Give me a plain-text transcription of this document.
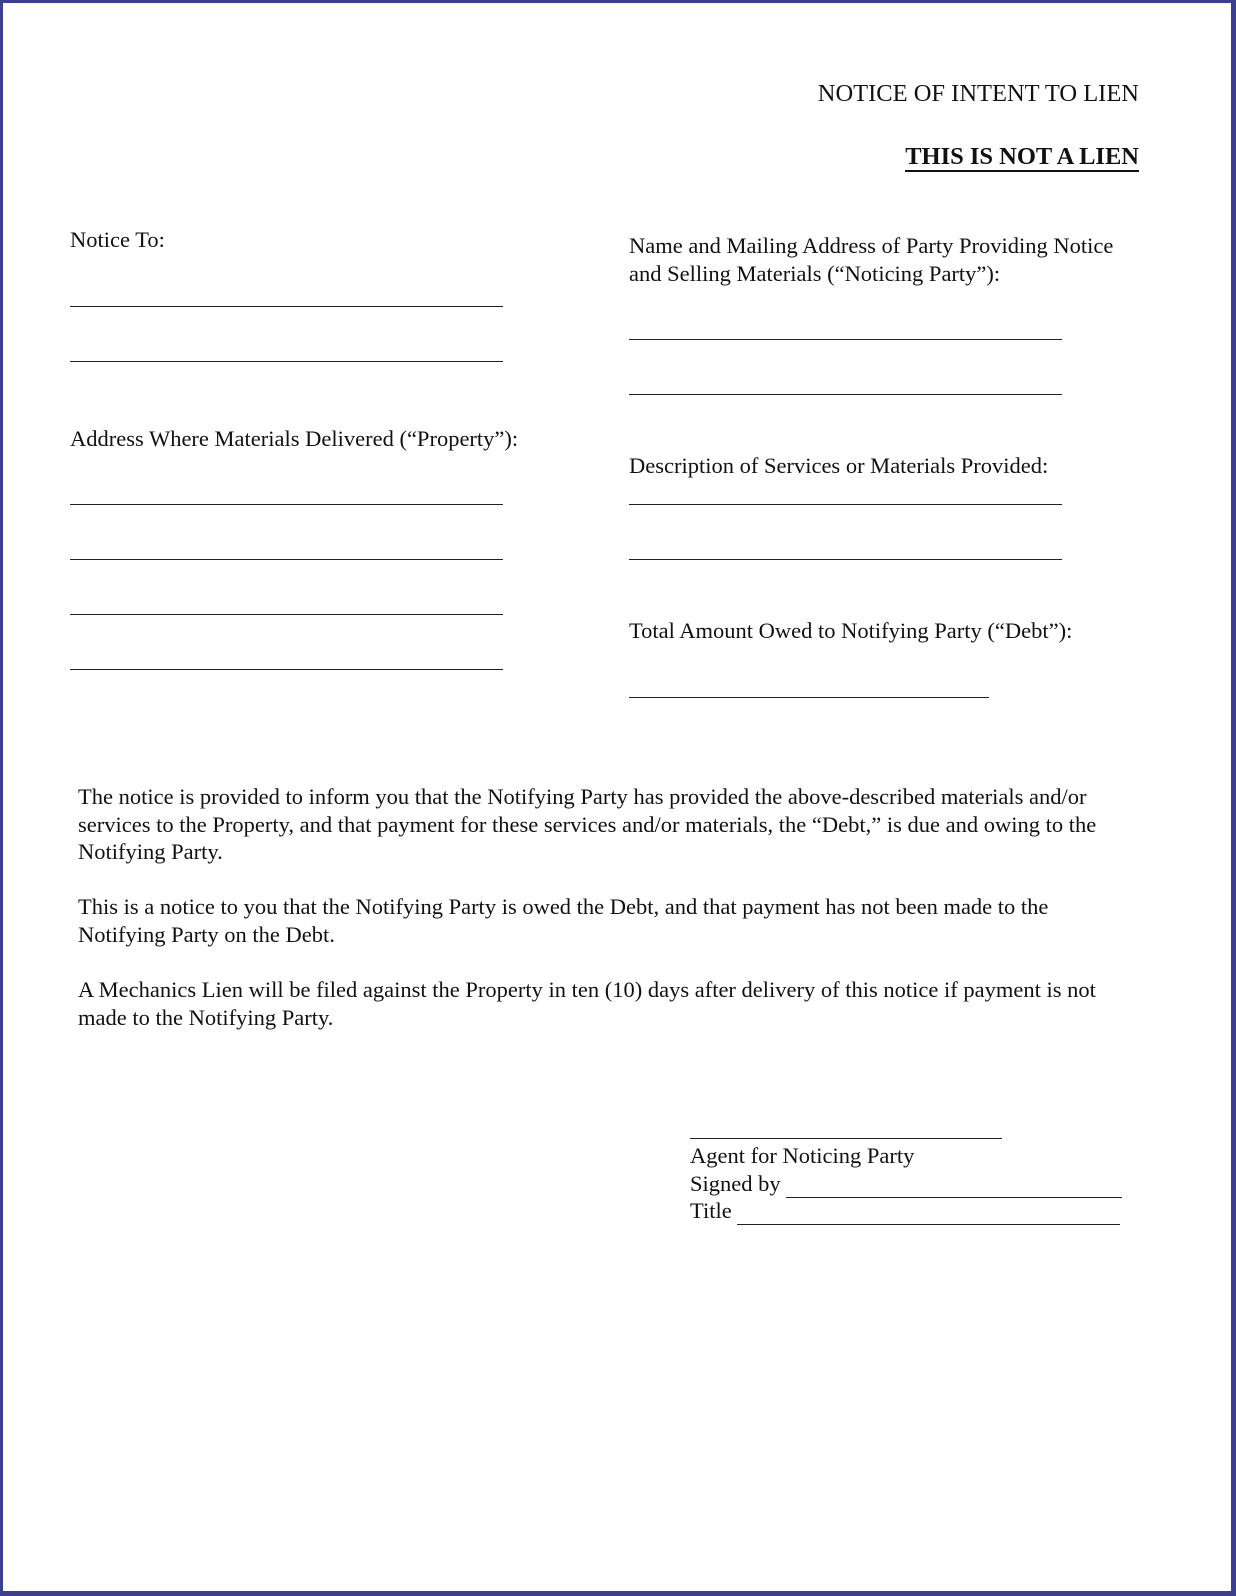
NOTICE OF INTENT TO LIEN
THIS IS NOT A LIEN
Notice To:
Address Where Materials Delivered (“Property”):
Name and Mailing Address of Party Providing Notice
and Selling Materials (“Noticing Party”):
Description of Services or Materials Provided:
Total Amount Owed to Notifying Party (“Debt”):
The notice is provided to inform you that the Notifying Party has provided the above-described materials and/or services to the Property, and that payment for these services and/or materials, the “Debt,” is due and owing to the Notifying Party.
This is a notice to you that the Notifying Party is owed the Debt, and that payment has not been made to the Notifying Party on the Debt.
A Mechanics Lien will be filed against the Property in ten (10) days after delivery of this notice if payment is not made to the Notifying Party.
Agent for Noticing Party
Signed by
Title
